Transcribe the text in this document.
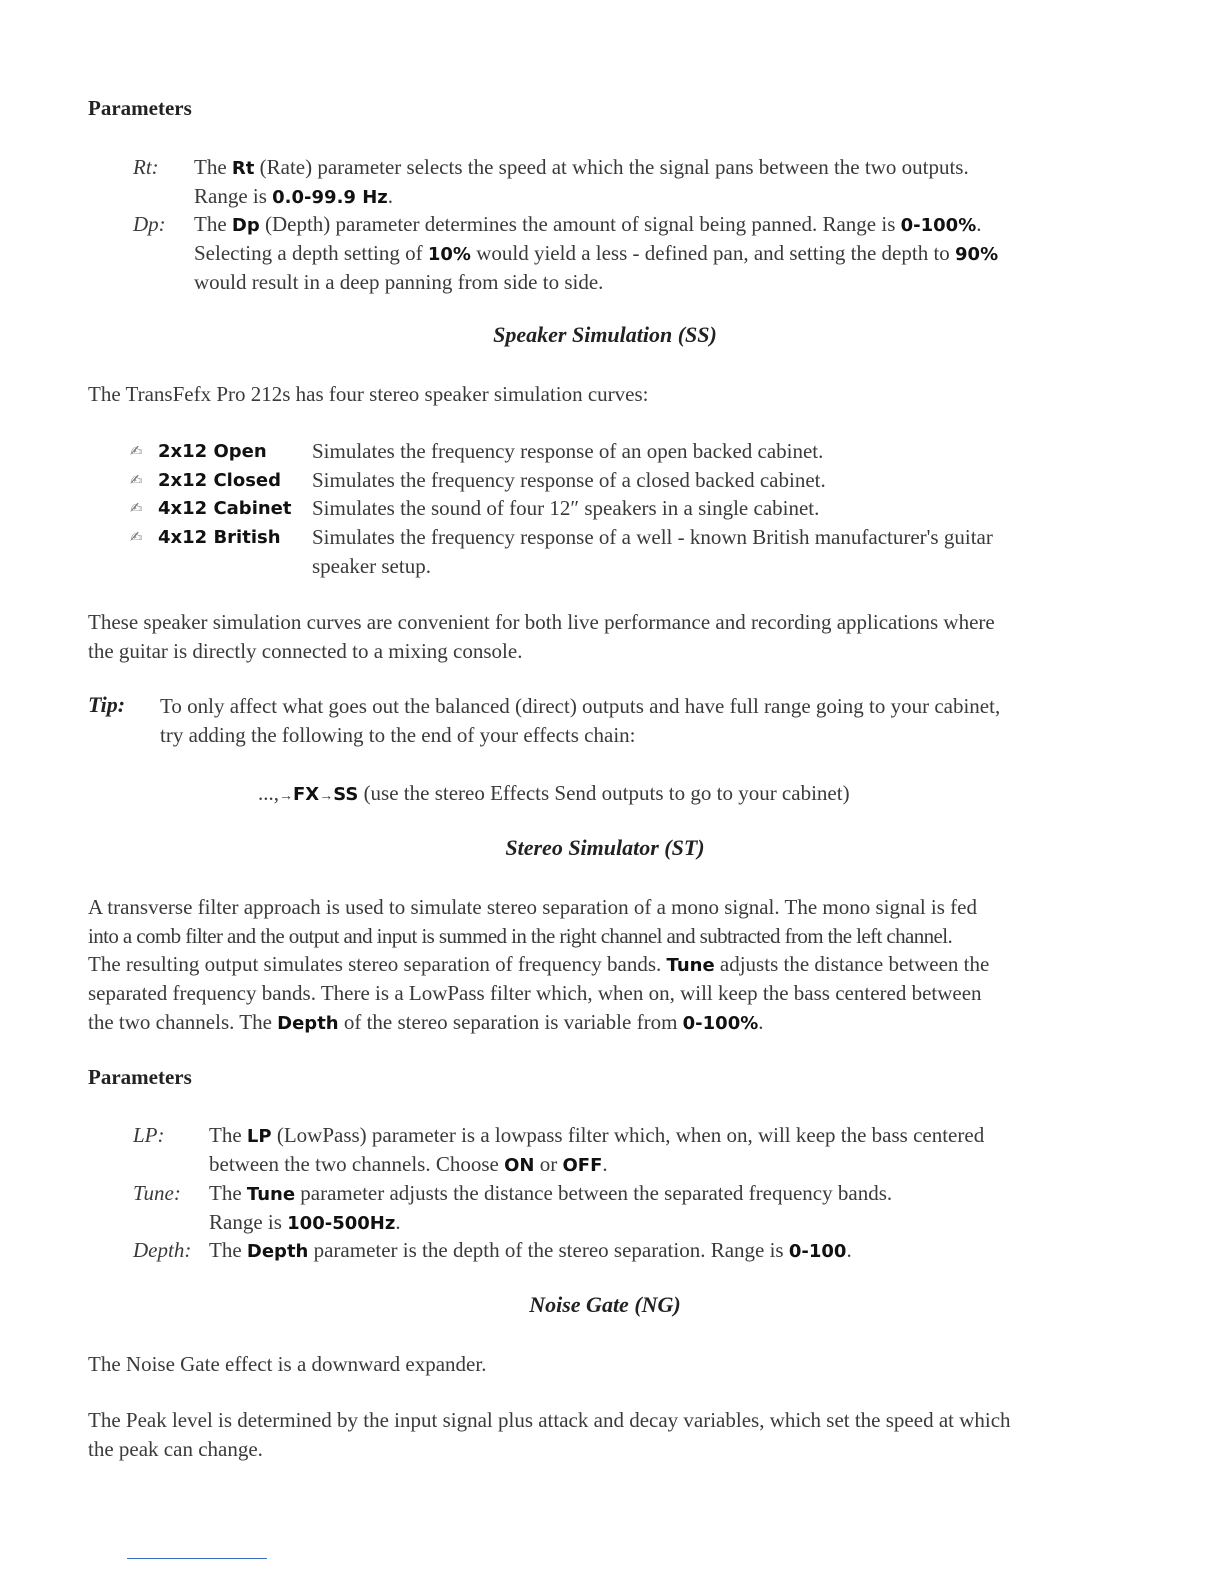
Parameters
Rt: The Rt (Rate) parameter selects the speed at which the signal pans between the two outputs.
Range is 0.0-99.9 Hz.
Dp: The Dp (Depth) parameter determines the amount of signal being panned. Range is 0-100%.
Selecting a depth setting of 10% would yield a less - defined pan, and setting the depth to 90%
would result in a deep panning from side to side.
Speaker Simulation (SS)
The TransFefx Pro 212s has four stereo speaker simulation curves:
✍ 2x12 Open Simulates the frequency response of an open backed cabinet.
✍ 2x12 Closed Simulates the frequency response of a closed backed cabinet.
✍ 4x12 Cabinet Simulates the sound of four 12″ speakers in a single cabinet.
✍ 4x12 British Simulates the frequency response of a well - known British manufacturer's guitar
speaker setup.
These speaker simulation curves are convenient for both live performance and recording applications where
the guitar is directly connected to a mixing console.
Tip: To only affect what goes out the balanced (direct) outputs and have full range going to your cabinet,
try adding the following to the end of your effects chain:
...,→FX→SS (use the stereo Effects Send outputs to go to your cabinet)
Stereo Simulator (ST)
A transverse filter approach is used to simulate stereo separation of a mono signal. The mono signal is fed
into a comb filter and the output and input is summed in the right channel and subtracted from the left channel.
The resulting output simulates stereo separation of frequency bands. Tune adjusts the distance between the
separated frequency bands. There is a LowPass filter which, when on, will keep the bass centered between
the two channels. The Depth of the stereo separation is variable from 0-100%.
Parameters
LP: The LP (LowPass) parameter is a lowpass filter which, when on, will keep the bass centered
between the two channels. Choose ON or OFF.
Tune: The Tune parameter adjusts the distance between the separated frequency bands.
Range is 100-500Hz.
Depth: The Depth parameter is the depth of the stereo separation. Range is 0-100.
Noise Gate (NG)
The Noise Gate effect is a downward expander.
The Peak level is determined by the input signal plus attack and decay variables, which set the speed at which
the peak can change.
